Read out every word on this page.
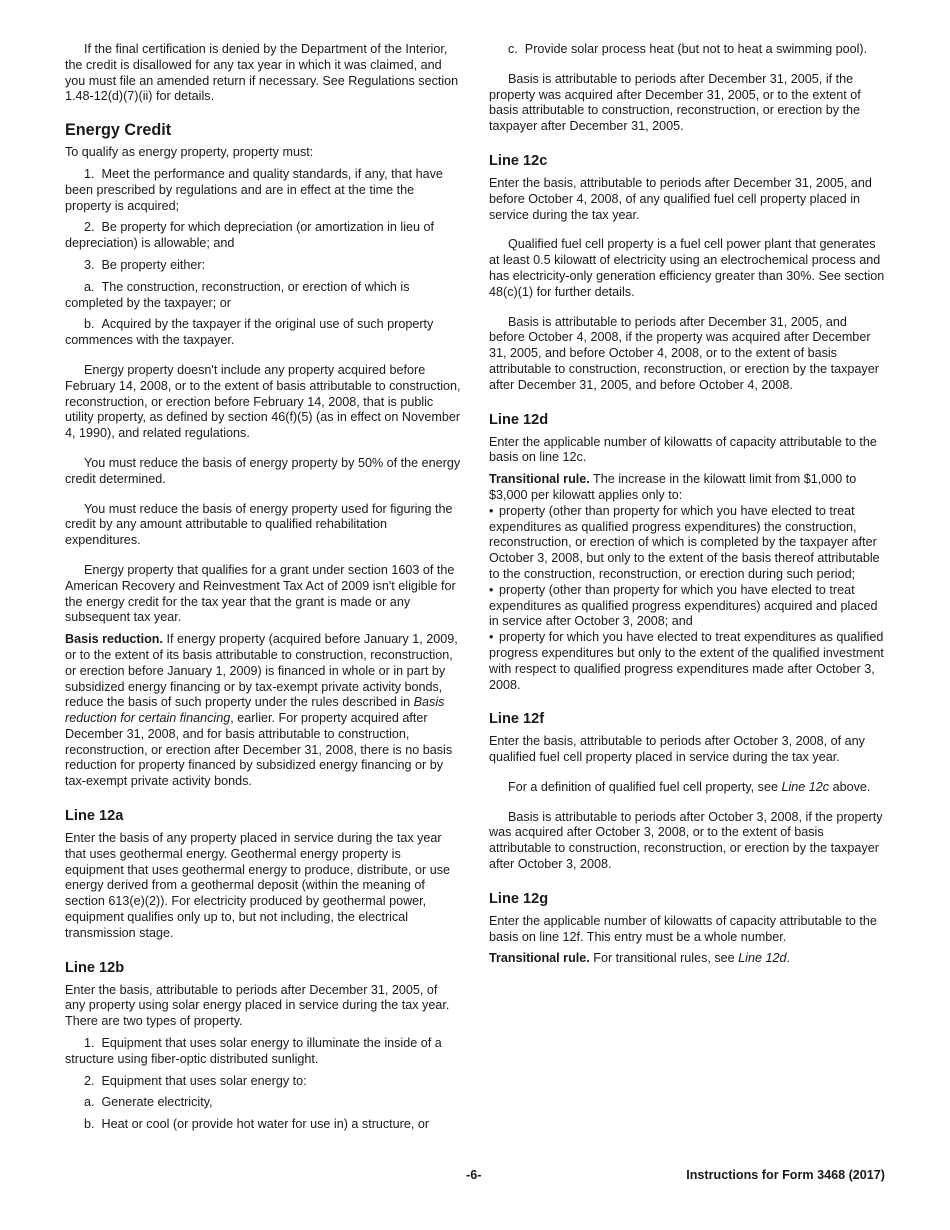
If the final certification is denied by the Department of the Interior, the credit is disallowed for any tax year in which it was claimed, and you must file an amended return if necessary. See Regulations section 1.48-12(d)(7)(ii) for details.

Energy Credit

To qualify as energy property, property must:

1.  Meet the performance and quality standards, if any, that have been prescribed by regulations and are in effect at the time the property is acquired;

2.  Be property for which depreciation (or amortization in lieu of depreciation) is allowable; and

3.  Be property either:

a.  The construction, reconstruction, or erection of which is completed by the taxpayer; or

b.  Acquired by the taxpayer if the original use of such property commences with the taxpayer.

Energy property doesn't include any property acquired before February 14, 2008, or to the extent of basis attributable to construction, reconstruction, or erection before February 14, 2008, that is public utility property, as defined by section 46(f)(5) (as in effect on November 4, 1990), and related regulations.

You must reduce the basis of energy property by 50% of the energy credit determined.

You must reduce the basis of energy property used for figuring the credit by any amount attributable to qualified rehabilitation expenditures.

Energy property that qualifies for a grant under section 1603 of the American Recovery and Reinvestment Tax Act of 2009 isn't eligible for the energy credit for the tax year that the grant is made or any subsequent tax year.

Basis reduction. If energy property (acquired before January 1, 2009, or to the extent of its basis attributable to construction, reconstruction, or erection before January 1, 2009) is financed in whole or in part by subsidized energy financing or by tax-exempt private activity bonds, reduce the basis of such property under the rules described in Basis reduction for certain financing, earlier. For property acquired after December 31, 2008, and for basis attributable to construction, reconstruction, or erection after December 31, 2008, there is no basis reduction for property financed by subsidized energy financing or by tax-exempt private activity bonds.

Line 12a

Enter the basis of any property placed in service during the tax year that uses geothermal energy. Geothermal energy property is equipment that uses geothermal energy to produce, distribute, or use energy derived from a geothermal deposit (within the meaning of section 613(e)(2)). For electricity produced by geothermal power, equipment qualifies only up to, but not including, the electrical transmission stage.

Line 12b

Enter the basis, attributable to periods after December 31, 2005, of any property using solar energy placed in service during the tax year. There are two types of property.

1.  Equipment that uses solar energy to illuminate the inside of a structure using fiber-optic distributed sunlight.

2.  Equipment that uses solar energy to:

a.  Generate electricity,

b.  Heat or cool (or provide hot water for use in) a structure, or

c.  Provide solar process heat (but not to heat a swimming pool).

Basis is attributable to periods after December 31, 2005, if the property was acquired after December 31, 2005, or to the extent of basis attributable to construction, reconstruction, or erection by the taxpayer after December 31, 2005.

Line 12c

Enter the basis, attributable to periods after December 31, 2005, and before October 4, 2008, of any qualified fuel cell property placed in service during the tax year.

Qualified fuel cell property is a fuel cell power plant that generates at least 0.5 kilowatt of electricity using an electrochemical process and has electricity-only generation efficiency greater than 30%. See section 48(c)(1) for further details.

Basis is attributable to periods after December 31, 2005, and before October 4, 2008, if the property was acquired after December 31, 2005, and before October 4, 2008, or to the extent of basis attributable to construction, reconstruction, or erection by the taxpayer after December 31, 2005, and before October 4, 2008.

Line 12d

Enter the applicable number of kilowatts of capacity attributable to the basis on line 12c.

Transitional rule. The increase in the kilowatt limit from $1,000 to $3,000 per kilowatt applies only to:

• property (other than property for which you have elected to treat expenditures as qualified progress expenditures) the construction, reconstruction, or erection of which is completed by the taxpayer after October 3, 2008, but only to the extent of the basis thereof attributable to the construction, reconstruction, or erection during such period;

• property (other than property for which you have elected to treat expenditures as qualified progress expenditures) acquired and placed in service after October 3, 2008; and

• property for which you have elected to treat expenditures as qualified progress expenditures but only to the extent of the qualified investment with respect to qualified progress expenditures made after October 3, 2008.

Line 12f

Enter the basis, attributable to periods after October 3, 2008, of any qualified fuel cell property placed in service during the tax year.

For a definition of qualified fuel cell property, see Line 12c above.

Basis is attributable to periods after October 3, 2008, if the property was acquired after October 3, 2008, or to the extent of basis attributable to construction, reconstruction, or erection by the taxpayer after October 3, 2008.

Line 12g

Enter the applicable number of kilowatts of capacity attributable to the basis on line 12f. This entry must be a whole number.

Transitional rule. For transitional rules, see Line 12d.

-6-	Instructions for Form 3468 (2017)
